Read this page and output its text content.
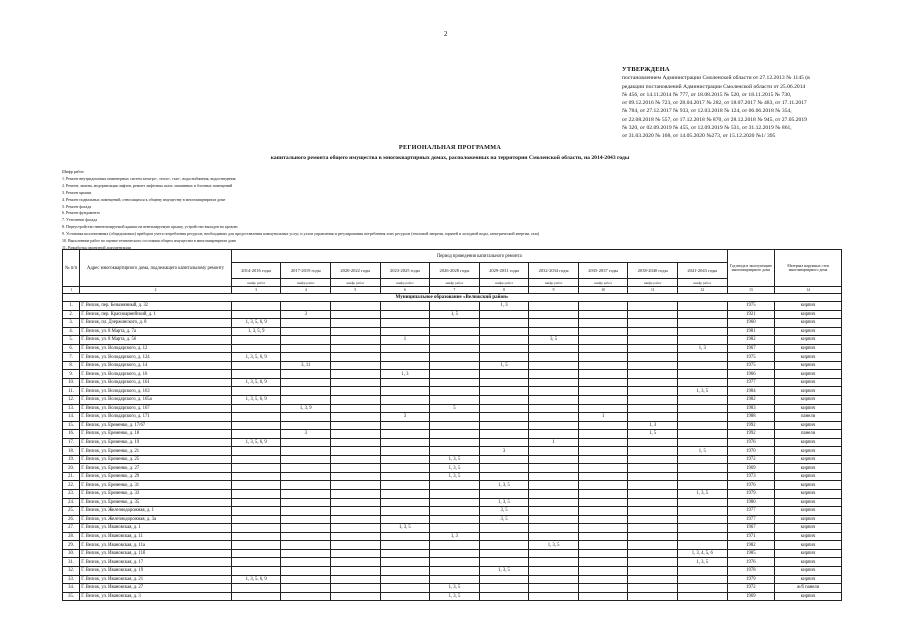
2
УТВЕРЖДЕНА
постановлением Администрации Смоленской области от 27.12.2013 № 1145 (в
редакции постановлений Администрации Смоленской области от 25.06.2014
№ 456, от 14.11.2014 № 777, от 18.08.2015 № 520, от 18.11.2015 № 730,
от 09.12.2016 № 723, от 28.04.2017 № 282, от 18.07.2017 № 483, от 17.11.2017
№ 784, от 27.12.2017 № 933, от 12.03.2018 № 124, от 06.06.2018 № 354,
от 22.08.2018 № 557, от 17.12.2018 № 870, от 28.12.2018 № 945, от 27.05.2019
№ 320, от 02.09.2019 № 455, от 12.09.2019 № 531, от 31.12.2019 № 861,
от 31.03.2020 № 168, от 14.05.2020 №273, от 15.12.2020 №1/ 395
РЕГИОНАЛЬНАЯ ПРОГРАММА
капитального ремонта общего имущества в многоквартирных домах, расположенных на территории Смоленской области, на 2014-2043 годы
Шифр работ:
1. Ремонт внутридомовых инженерных систем электро-, тепло-, газо-, водоснабжения, водоотведения
2. Ремонт, замена, модернизация лифтов, ремонт лифтовых шахт, машинных и блочных помещений
3. Ремонт крыши
4. Ремонт подвальных помещений, относящихся к общему имуществу в многоквартирном доме
5. Ремонт фасада
6. Ремонт фундамента
7. Утепление фасада
8. Переустройство невентилируемой крыши на вентилируемую крышу, устройство выходов на кровлю
9. Установка коллективных (общедомовых) приборов учета потребления ресурсов, необходимых для предоставления коммунальных услуг, и узлов управления и регулирования потребления этих ресурсов (тепловой энергии, горячей и холодной воды, электрической энергии, газа)
10. Выполнение работ по оценке технического состояния общего имущества в многоквартирном доме
11. Разработка проектной документации
№ п/п	Адрес многоквартирного дома, подлежащего капитальному ремонту	Период проведения капитального ремонта										Год ввода в эксплуатацию многоквартирного дома	Материал наружных стен многоквартирного дома
		2014-2016 годы	2017-2019 годы	2020-2022 годы	2023-2025 годы	2026-2028 годы	2029-2031 годы	2032-2034 годы	2035-2037 годы	2038-2040 годы	2041-2043 годы		
		шифр работ	шифр работ	шифр работ	шифр работ	шифр работ	шифр работ	шифр работ	шифр работ	шифр работ	шифр работ		
1	2	3	4	5	6	7	8	9	10	11	12	13	14
Муниципальное образование «Велижский район»													
1.	Г. Велиж, пер. Безымянный, д. 32						1, 3					1975	кирпич
2.	Г. Велиж, пер. Красноармейский, д. 1		3			1, 5						1921	кирпич
3.	Г. Велиж, пл. Дзержинского, д. 8	1, 3, 5, 6, 9										1960	кирпич
4.	Г. Велиж, ул. 8 Марта, д. 7а	1, 3, 5, 9										1981	кирпич
5.	Г. Велиж, ул. 8 Марта, д. 56				1			3, 5				1982	кирпич
6.	Г. Велиж, ул. Володарского, д. 12										1, 3	1967	кирпич
7.	Г. Велиж, ул. Володарского, д. 124	1, 3, 5, 6, 9										1975	кирпич
8.	Г. Велиж, ул. Володарского, д. 14		3, 11				1, 5					1975	кирпич
9.	Г. Велиж, ул. Володарского, д. 16				1, 3							1966	кирпич
10.	Г. Велиж, ул. Володарского, д. 161	1, 3, 5, 6, 9										1977	кирпич
11.	Г. Велиж, ул. Володарского, д. 163										1, 3, 5	1984	кирпич
12.	Г. Велиж, ул. Володарского, д. 165а	1, 3, 5, 6, 9										1982	кирпич
13.	Г. Велиж, ул. Володарского, д. 167		1, 3, 9			5						1983	кирпич
14.	Г. Велиж, ул. Володарского, д. 171				3				1			1988	панели
15.	Г. Велиж, ул. Еременко, д. 17/67									1, 3		1992	кирпич
16.	Г. Велиж, ул. Еременко, д. 18		3							1, 5		1992	панели
17.	Г. Велиж, ул. Еременко, д. 19	1, 3, 5, 6, 9						1				1976	кирпич
18.	Г. Велиж, ул. Еременко, д. 21						3				1, 5	1970	кирпич
19.	Г. Велиж, ул. Еременко, д. 25					1, 3, 5						1972	кирпич
20.	Г. Велиж, ул. Еременко, д. 27					1, 3, 5						1969	кирпич
21.	Г. Велиж, ул. Еременко, д. 29					1, 3, 5						1973	кирпич
22.	Г. Велиж, ул. Еременко, д. 31						1, 3, 5					1976	кирпич
23.	Г. Велиж, ул. Еременко, д. 33										1, 3, 5	1979	кирпич
24.	Г. Велиж, ул. Еременко, д. 35						1, 3, 5					1980	кирпич
25.	Г. Велиж, ул. Железнодорожная, д. 1						3, 5					1977	кирпич
26.	Г. Велиж, ул. Железнодорожная, д. 3а						3, 5					1977	кирпич
27.	Г. Велиж, ул. Ивановская, д. 1				1, 3, 5							1967	кирпич
28.	Г. Велиж, ул. Ивановская, д. 11					1, 3						1971	кирпич
29.	Г. Велиж, ул. Ивановская, д. 11а							1, 3, 5				1982	кирпич
30.	Г. Велиж, ул. Ивановская, д. 11б										1, 3, 4, 5, 6	1985	кирпич
31.	Г. Велиж, ул. Ивановская, д. 17										1, 3, 5	1976	кирпич
32.	Г. Велиж, ул. Ивановская, д. 19						1, 3, 5					1978	кирпич
33.	Г. Велиж, ул. Ивановская, д. 21	1, 3, 5, 6, 9										1979	кирпич
34.	Г. Велиж, ул. Ивановская, д. 27					1, 3, 5						1972	ж/б панели
35.	Г. Велиж, ул. Ивановская, д. 3					1, 3, 5						1969	кирпич
